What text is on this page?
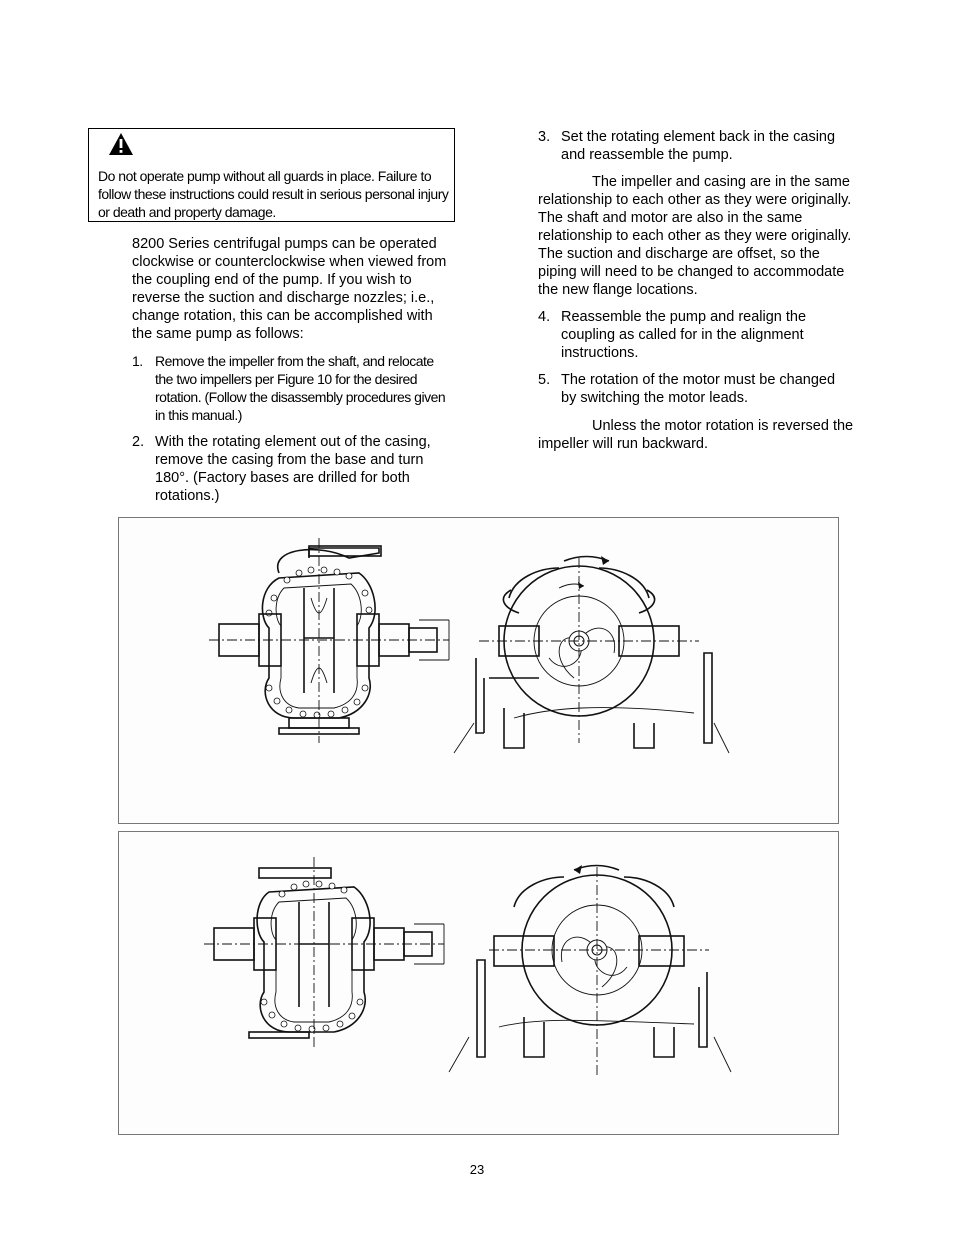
Do not operate pump without all guards in place. Failure to follow these instructions could result in serious personal injury or death and property damage.
8200 Series centrifugal pumps can be operated clockwise or counterclockwise when viewed from the coupling end of the pump. If you wish to reverse the suction and discharge nozzles; i.e., change rotation, this can be accomplished with the same pump as follows:
1. Remove the impeller from the shaft, and relocate the two impellers per Figure 10 for the desired rotation. (Follow the disassembly procedures given in this manual.)
2. With the rotating element out of the casing, remove the casing from the base and turn 180°. (Factory bases are drilled for both rotations.)
3. Set the rotating element back in the casing and reassemble the pump.
The impeller and casing are in the same relationship to each other as they were originally. The shaft and motor are also in the same relationship to each other as they were originally. The suction and discharge are offset, so the piping will need to be changed to accommodate the new flange locations.
4. Reassemble the pump and realign the coupling as called for in the alignment instructions.
5. The rotation of the motor must be changed by switching the motor leads.
Unless the motor rotation is reversed the impeller will run backward.
23
